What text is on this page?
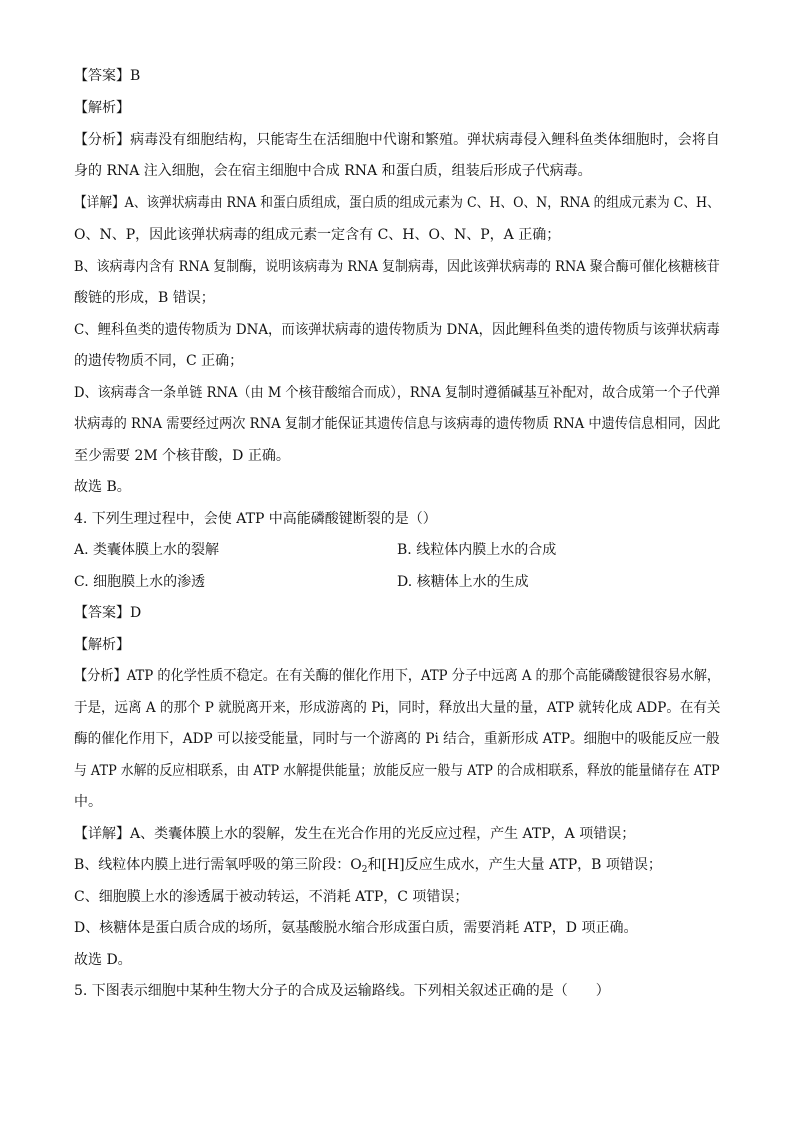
【答案】B
【解析】
【分析】病毒没有细胞结构，只能寄生在活细胞中代谢和繁殖。弹状病毒侵入鲤科鱼类体细胞时，会将自
身的 RNA 注入细胞，会在宿主细胞中合成 RNA 和蛋白质，组装后形成子代病毒。
【详解】A、该弹状病毒由 RNA 和蛋白质组成，蛋白质的组成元素为 C、H、O、N，RNA 的组成元素为 C、H、
O、N、P，因此该弹状病毒的组成元素一定含有 C、H、O、N、P，A 正确；
B、该病毒内含有 RNA 复制酶，说明该病毒为 RNA 复制病毒，因此该弹状病毒的 RNA 聚合酶可催化核糖核苷
酸链的形成，B 错误；
C、鲤科鱼类的遗传物质为 DNA，而该弹状病毒的遗传物质为 DNA，因此鲤科鱼类的遗传物质与该弹状病毒
的遗传物质不同，C 正确；
D、该病毒含一条单链 RNA（由 M 个核苷酸缩合而成），RNA 复制时遵循碱基互补配对，故合成第一个子代弹
状病毒的 RNA 需要经过两次 RNA 复制才能保证其遗传信息与该病毒的遗传物质 RNA 中遗传信息相同，因此
至少需要 2M 个核苷酸，D 正确。
故选 B。
4. 下列生理过程中，会使 ATP 中高能磷酸键断裂的是（）
A. 类囊体膜上水的裂解	B. 线粒体内膜上水的合成
C. 细胞膜上水的渗透	D. 核糖体上水的生成
【答案】D
【解析】
【分析】ATP 的化学性质不稳定。在有关酶的催化作用下，ATP 分子中远离 A 的那个高能磷酸键很容易水解，
于是，远离 A 的那个 P 就脱离开来，形成游离的 Pi，同时，释放出大量的量，ATP 就转化成 ADP。在有关
酶的催化作用下，ADP 可以接受能量，同时与一个游离的 Pi 结合，重新形成 ATP。细胞中的吸能反应一般
与 ATP 水解的反应相联系，由 ATP 水解提供能量；放能反应一般与 ATP 的合成相联系，释放的能量储存在 ATP
中。
【详解】A、类囊体膜上水的裂解，发生在光合作用的光反应过程，产生 ATP，A 项错误；
B、线粒体内膜上进行需氧呼吸的第三阶段：$O_2$和[H]反应生成水，产生大量 ATP，B 项错误；
C、细胞膜上水的渗透属于被动转运，不消耗 ATP，C 项错误；
D、核糖体是蛋白质合成的场所，氨基酸脱水缩合形成蛋白质，需要消耗 ATP，D 项正确。
故选 D。
5. 下图表示细胞中某种生物大分子的合成及运输路线。下列相关叙述正确的是（　　）
